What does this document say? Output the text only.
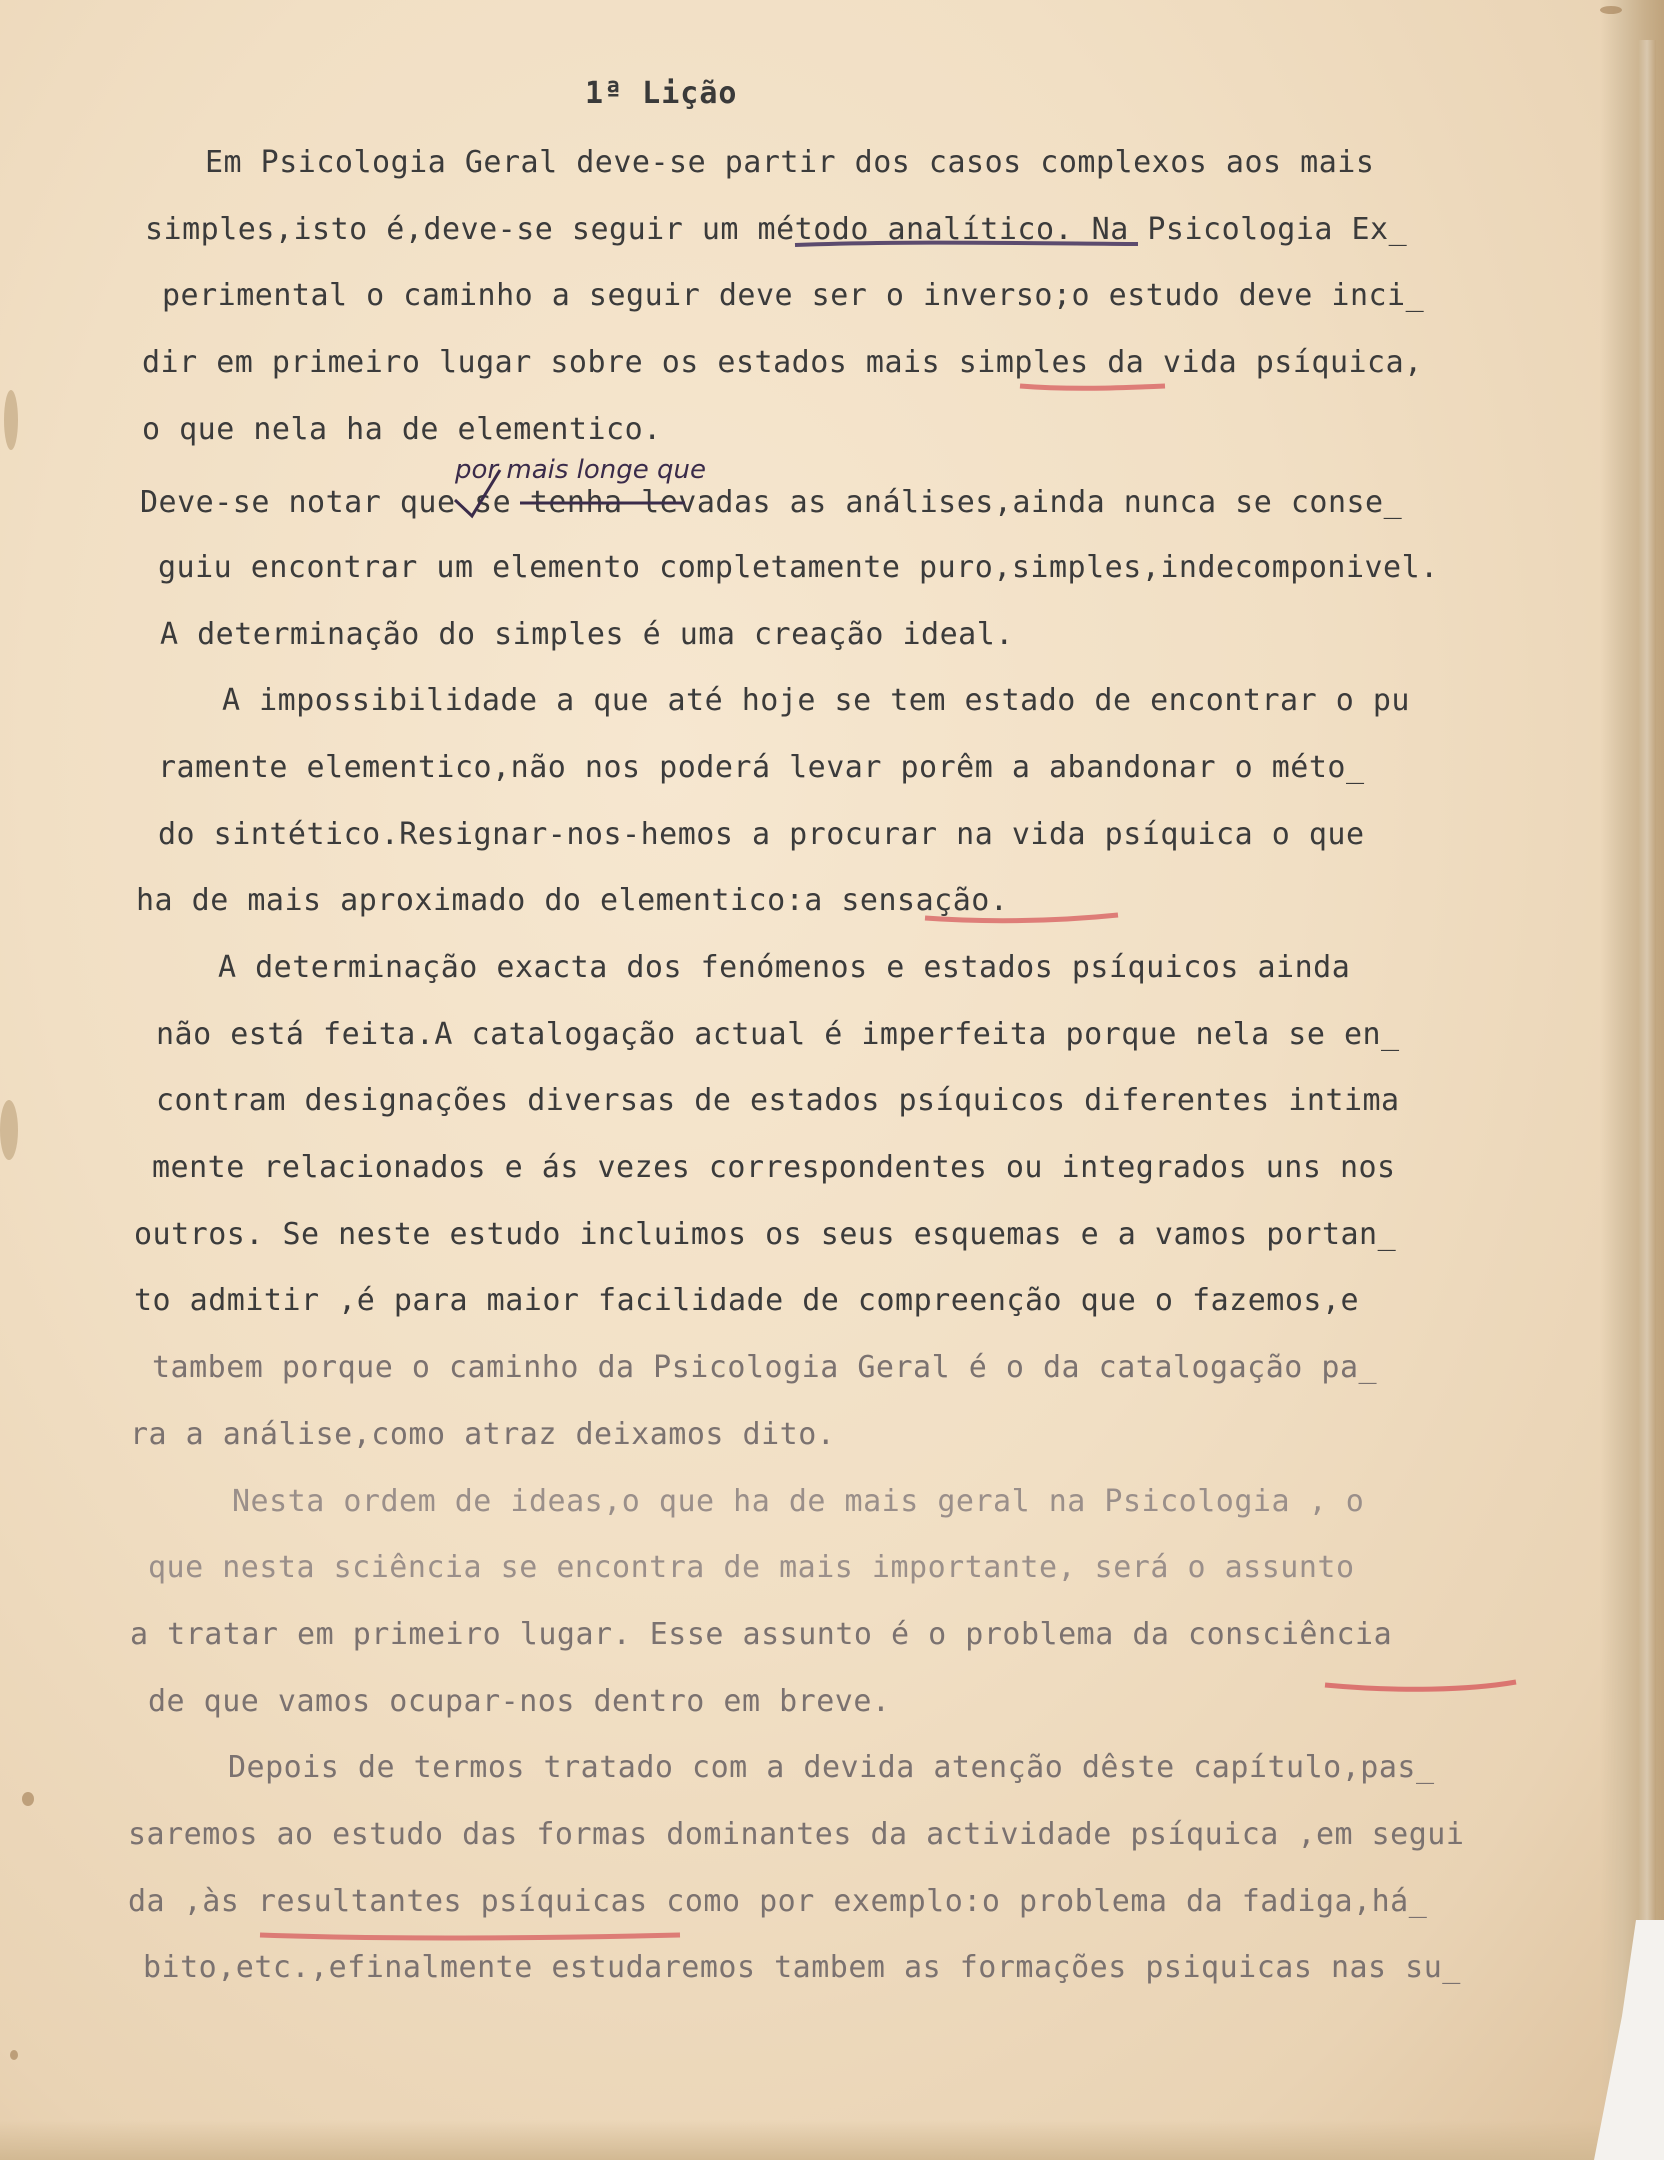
1ª Lição
Em Psicologia Geral deve-se partir dos casos complexos aos mais
simples,isto é,deve-se seguir um método analítico. Na Psicologia Ex_
perimental o caminho a seguir deve ser o inverso;o estudo deve inci_
dir em primeiro lugar sobre os estados mais simples da vida psíquica,
o que nela ha de elementico.
Deve-se notar que se tenha levadas as análises,ainda nunca se conse_
guiu encontrar um elemento completamente puro,simples,indecomponivel.
A determinação do simples é uma creação ideal.
A impossibilidade a que até hoje se tem estado de encontrar o pu
ramente elementico,não nos poderá levar porêm a abandonar o méto_
do sintético.Resignar-nos-hemos a procurar na vida psíquica o que
ha de mais aproximado do elementico:a sensação.
A determinação exacta dos fenómenos e estados psíquicos ainda
não está feita.A catalogação actual é imperfeita porque nela se en_
contram designações diversas de estados psíquicos diferentes intima
mente relacionados e ás vezes correspondentes ou integrados uns nos
outros. Se neste estudo incluimos os seus esquemas e a vamos portan_
to admitir ,é para maior facilidade de compreenção que o fazemos,e
tambem porque o caminho da Psicologia Geral é o da catalogação pa_
ra a análise,como atraz deixamos dito.
Nesta ordem de ideas,o que ha de mais geral na Psicologia , o
que nesta sciência se encontra de mais importante, será o assunto
a tratar em primeiro lugar. Esse assunto é o problema da consciência
de que vamos ocupar-nos dentro em breve.
Depois de termos tratado com a devida atenção dêste capítulo,pas_
saremos ao estudo das formas dominantes da actividade psíquica ,em segui
da ,às resultantes psíquicas como por exemplo:o problema da fadiga,há_
bito,etc.,efinalmente estudaremos tambem as formações psiquicas nas su_
por mais longe que
